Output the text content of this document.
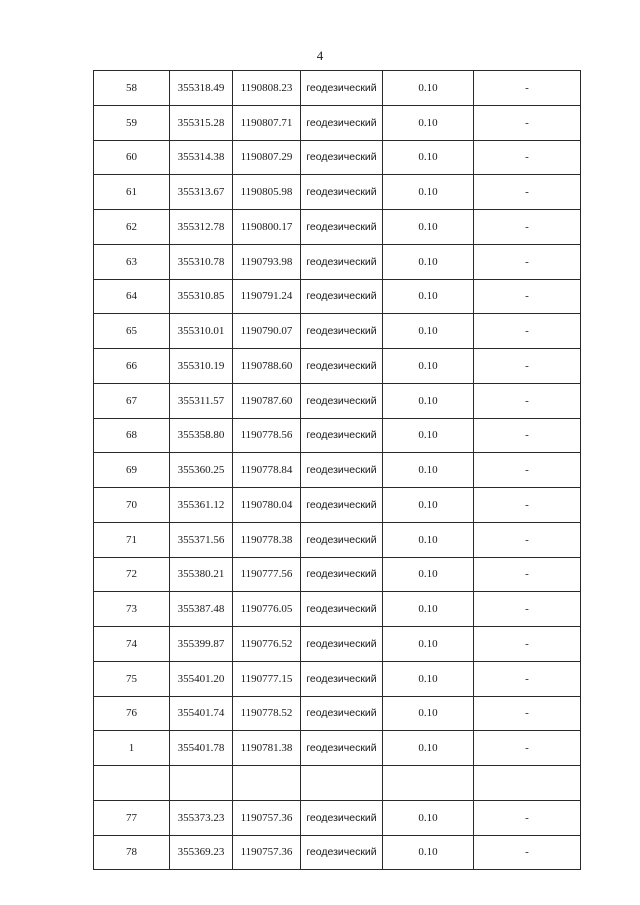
4
58	355318.49	1190808.23	геодезический	0.10	-
59	355315.28	1190807.71	геодезический	0.10	-
60	355314.38	1190807.29	геодезический	0.10	-
61	355313.67	1190805.98	геодезический	0.10	-
62	355312.78	1190800.17	геодезический	0.10	-
63	355310.78	1190793.98	геодезический	0.10	-
64	355310.85	1190791.24	геодезический	0.10	-
65	355310.01	1190790.07	геодезический	0.10	-
66	355310.19	1190788.60	геодезический	0.10	-
67	355311.57	1190787.60	геодезический	0.10	-
68	355358.80	1190778.56	геодезический	0.10	-
69	355360.25	1190778.84	геодезический	0.10	-
70	355361.12	1190780.04	геодезический	0.10	-
71	355371.56	1190778.38	геодезический	0.10	-
72	355380.21	1190777.56	геодезический	0.10	-
73	355387.48	1190776.05	геодезический	0.10	-
74	355399.87	1190776.52	геодезический	0.10	-
75	355401.20	1190777.15	геодезический	0.10	-
76	355401.74	1190778.52	геодезический	0.10	-
1	355401.78	1190781.38	геодезический	0.10	-

77	355373.23	1190757.36	геодезический	0.10	-
78	355369.23	1190757.36	геодезический	0.10	-
